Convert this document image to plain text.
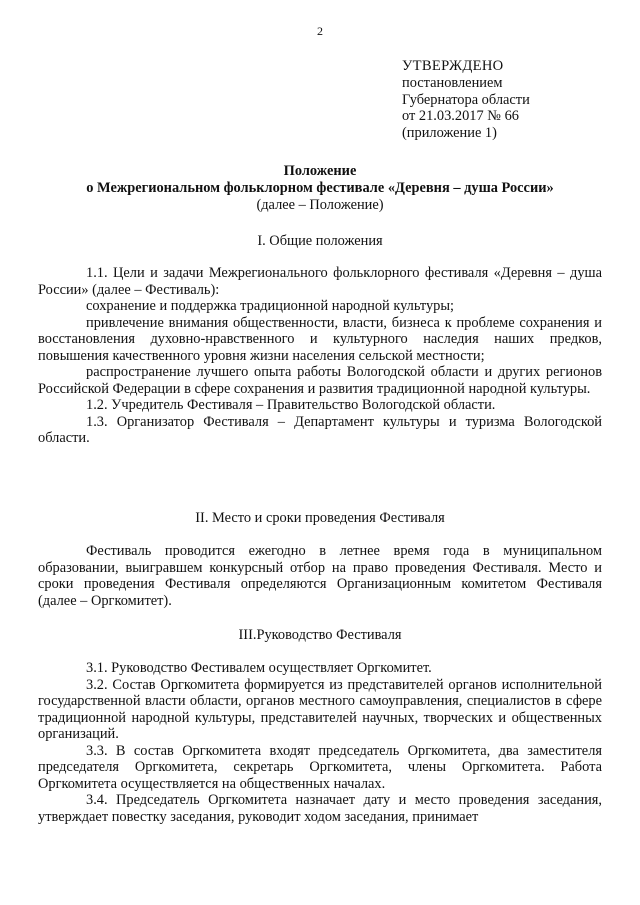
2
УТВЕРЖДЕНО
постановлением
Губернатора области
от 21.03.2017 № 66
(приложение 1)
Положение
о Межрегиональном фольклорном фестивале «Деревня – душа России»
(далее – Положение)
I. Общие положения

1.1. Цели и задачи Межрегионального фольклорного фестиваля «Деревня – душа России» (далее – Фестиваль):

сохранение и поддержка традиционной народной культуры;

привлечение внимания общественности, власти, бизнеса к проблеме сохранения и восстановления духовно-нравственного и культурного наследия наших предков, повышения качественного уровня жизни населения сельской местности;

распространение лучшего опыта работы Вологодской области и других регионов Российской Федерации в сфере сохранения и развития традиционной народной культуры.

1.2. Учредитель Фестиваля – Правительство Вологодской области.

1.3. Организатор Фестиваля – Департамент культуры и туризма Вологодской области.

II. Место и сроки проведения Фестиваля

Фестиваль проводится ежегодно в летнее время года в муниципальном образовании, выигравшем конкурсный отбор на право проведения Фестиваля. Место и сроки проведения Фестиваля определяются Организационным комитетом Фестиваля (далее – Оргкомитет).

III.Руководство Фестиваля

3.1. Руководство Фестивалем осуществляет Оргкомитет.

3.2. Состав Оргкомитета формируется из представителей органов исполнительной государственной власти области, органов местного самоуправления, специалистов в сфере традиционной народной культуры, представителей научных, творческих и общественных организаций.

3.3. В состав Оргкомитета входят председатель Оргкомитета, два заместителя председателя Оргкомитета, секретарь Оргкомитета, члены Оргкомитета. Работа Оргкомитета осуществляется на общественных началах.

3.4. Председатель Оргкомитета назначает дату и место проведения заседания, утверждает повестку заседания, руководит ходом заседания, принимает
